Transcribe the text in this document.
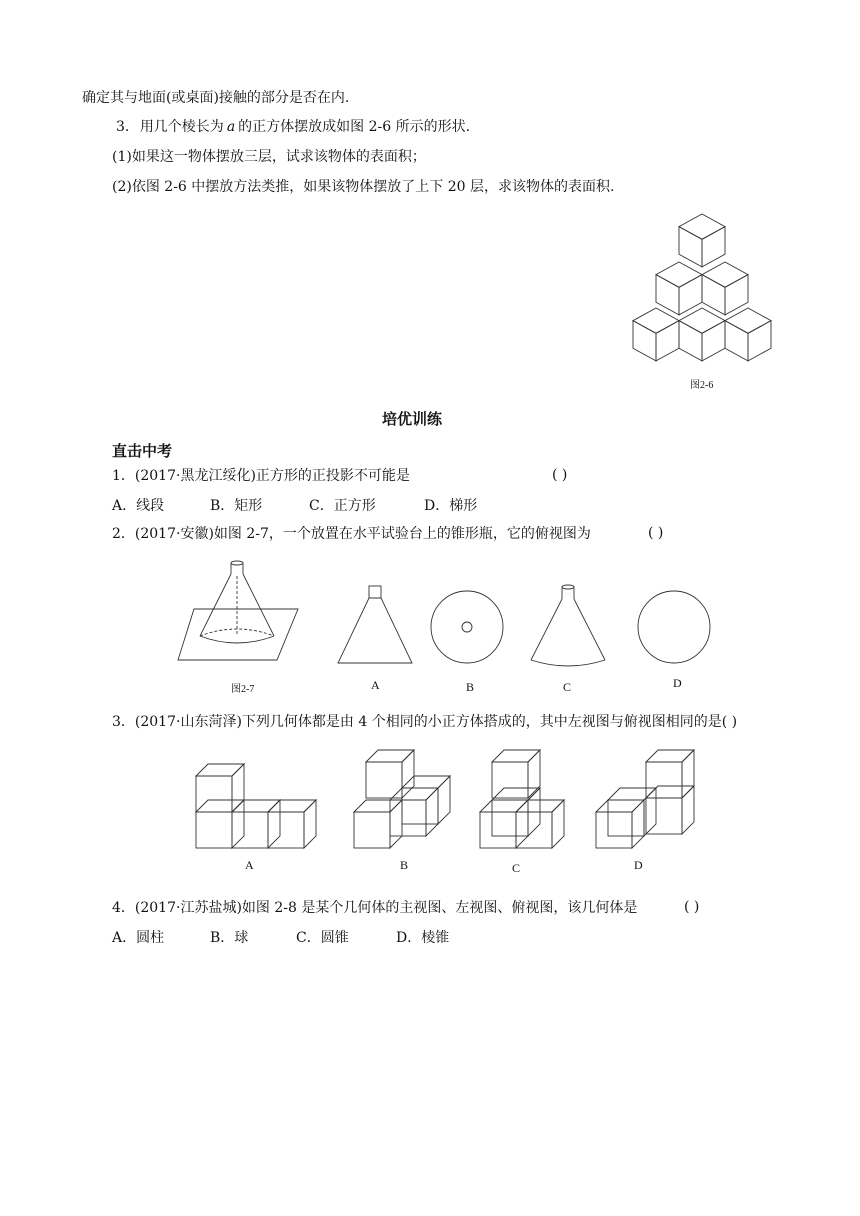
确定其与地面(或桌面)接触的部分是否在内.
3. 用几个棱长为 a 的正方体摆放成如图 2-6 所示的形状.
(1)如果这一物体摆放三层，试求该物体的表面积；
(2)依图 2-6 中摆放方法类推，如果该物体摆放了上下 20 层，求该物体的表面积.
图2-6
培优训练
直击中考
1．(2017·黑龙江绥化)正方形的正投影不可能是	( )
A．线段	B．矩形	C．正方形	D．梯形
2．(2017·安徽)如图 2-7，一个放置在水平试验台上的锥形瓶，它的俯视图为	( )
图2-7	A	B	C	D
3．(2017·山东菏泽)下列几何体都是由 4 个相同的小正方体搭成的，其中左视图与俯视图相同的是( )
A	B	C	D
4．(2017·江苏盐城)如图 2-8 是某个几何体的主视图、左视图、俯视图，该几何体是	( )
A．圆柱	B．球	C．圆锥	D．棱锥
